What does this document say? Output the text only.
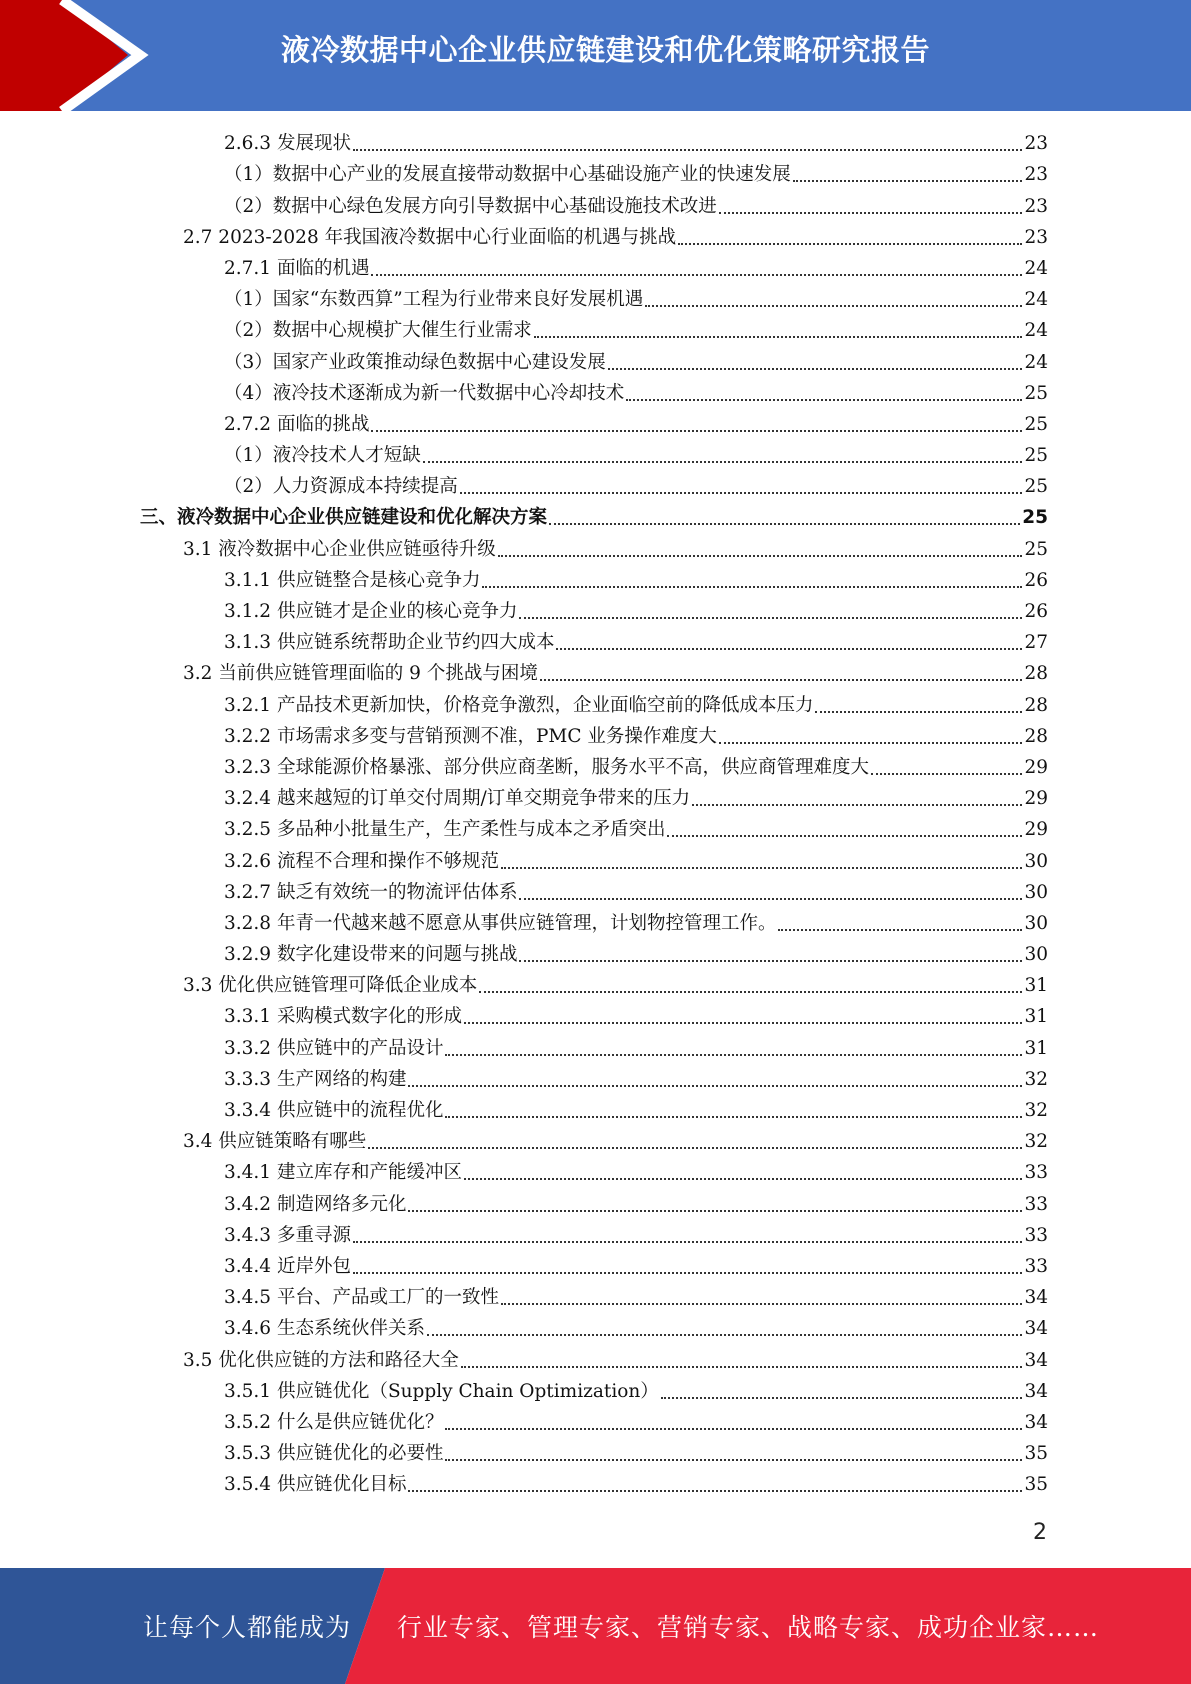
液冷数据中心企业供应链建设和优化策略研究报告
2.6.3 发展现状	23
（1）数据中心产业的发展直接带动数据中心基础设施产业的快速发展	23
（2）数据中心绿色发展方向引导数据中心基础设施技术改进	23
2.7 2023-2028 年我国液冷数据中心行业面临的机遇与挑战	23
2.7.1 面临的机遇	24
（1）国家“东数西算”工程为行业带来良好发展机遇	24
（2）数据中心规模扩大催生行业需求	24
（3）国家产业政策推动绿色数据中心建设发展	24
（4）液冷技术逐渐成为新一代数据中心冷却技术	25
2.7.2 面临的挑战	25
（1）液冷技术人才短缺	25
（2）人力资源成本持续提高	25
三、液冷数据中心企业供应链建设和优化解决方案	25
3.1 液冷数据中心企业供应链亟待升级	25
3.1.1 供应链整合是核心竞争力	26
3.1.2 供应链才是企业的核心竞争力	26
3.1.3 供应链系统帮助企业节约四大成本	27
3.2 当前供应链管理面临的 9 个挑战与困境	28
3.2.1 产品技术更新加快，价格竞争激烈，企业面临空前的降低成本压力	28
3.2.2 市场需求多变与营销预测不准，PMC 业务操作难度大	28
3.2.3 全球能源价格暴涨、部分供应商垄断，服务水平不高，供应商管理难度大	29
3.2.4 越来越短的订单交付周期/订单交期竞争带来的压力	29
3.2.5 多品种小批量生产，生产柔性与成本之矛盾突出	29
3.2.6 流程不合理和操作不够规范	30
3.2.7 缺乏有效统一的物流评估体系	30
3.2.8 年青一代越来越不愿意从事供应链管理，计划物控管理工作。	30
3.2.9 数字化建设带来的问题与挑战	30
3.3 优化供应链管理可降低企业成本	31
3.3.1 采购模式数字化的形成	31
3.3.2 供应链中的产品设计	31
3.3.3 生产网络的构建	32
3.3.4 供应链中的流程优化	32
3.4 供应链策略有哪些	32
3.4.1 建立库存和产能缓冲区	33
3.4.2 制造网络多元化	33
3.4.3 多重寻源	33
3.4.4 近岸外包	33
3.4.5 平台、产品或工厂的一致性	34
3.4.6 生态系统伙伴关系	34
3.5 优化供应链的方法和路径大全	34
3.5.1 供应链优化（Supply Chain Optimization）	34
3.5.2 什么是供应链优化？	34
3.5.3 供应链优化的必要性	35
3.5.4 供应链优化目标	35
2
让每个人都能成为 行业专家、管理专家、营销专家、战略专家、成功企业家……
